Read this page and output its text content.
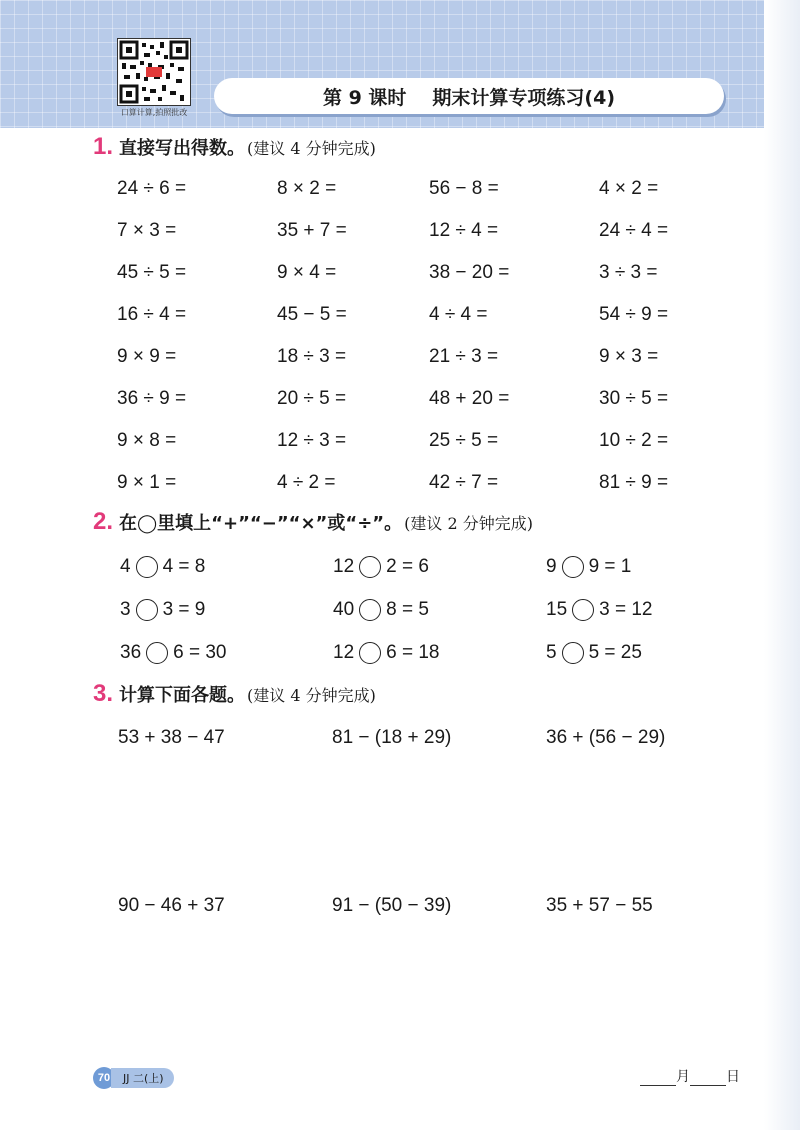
口算计算,拍照批改
第 9 课时 期末计算专项练习(4)
1. 直接写出得数。 (建议 4 分钟完成)
24 ÷ 6 =	8 × 2 =	56 − 8 =	4 × 2 =
7 × 3 =	35 + 7 =	12 ÷ 4 =	24 ÷ 4 =
45 ÷ 5 =	9 × 4 =	38 − 20 =	3 ÷ 3 =
16 ÷ 4 =	45 − 5 =	4 ÷ 4 =	54 ÷ 9 =
9 × 9 =	18 ÷ 3 =	21 ÷ 3 =	9 × 3 =
36 ÷ 9 =	20 ÷ 5 =	48 + 20 =	30 ÷ 5 =
9 × 8 =	12 ÷ 3 =	25 ÷ 5 =	10 ÷ 2 =
9 × 1 =	4 ÷ 2 =	42 ÷ 7 =	81 ÷ 9 =
2. 在◯里填上“+”“−”“×”或“÷”。 (建议 2 分钟完成)
4 4 = 8	12 2 = 6	9 9 = 1
3 3 = 9	40 8 = 5	15 3 = 12
36 6 = 30	12 6 = 18	5 5 = 25
3. 计算下面各题。 (建议 4 分钟完成)
53 + 38 − 47	81 − (18 + 29)	36 + (56 − 29)
90 − 46 + 37	91 − (50 − 39)	35 + 57 − 55
70	JJ 二(上)	月	日
